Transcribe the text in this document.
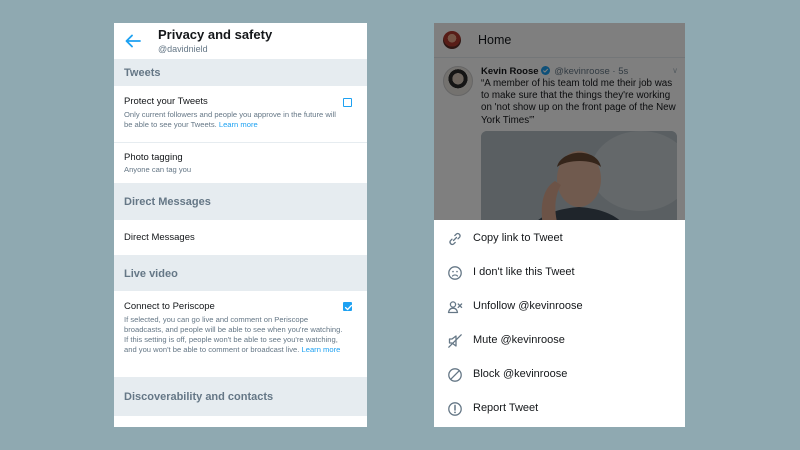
Privacy and safety
@davidnield
Tweets
Protect your Tweets
Only current followers and people you approve in the future will be able to see your Tweets. Learn more
Photo tagging
Anyone can tag you
Direct Messages
Direct Messages
Live video
Connect to Periscope
If selected, you can go live and comment on Periscope broadcasts, and people will be able to see when you're watching. If this setting is off, people won't be able to see you're watching, and you won't be able to comment or broadcast live. Learn more
Discoverability and contacts
Copy link to Tweet
I don't like this Tweet
Unfollow @kevinroose
Mute @kevinroose
Block @kevinroose
Report Tweet
